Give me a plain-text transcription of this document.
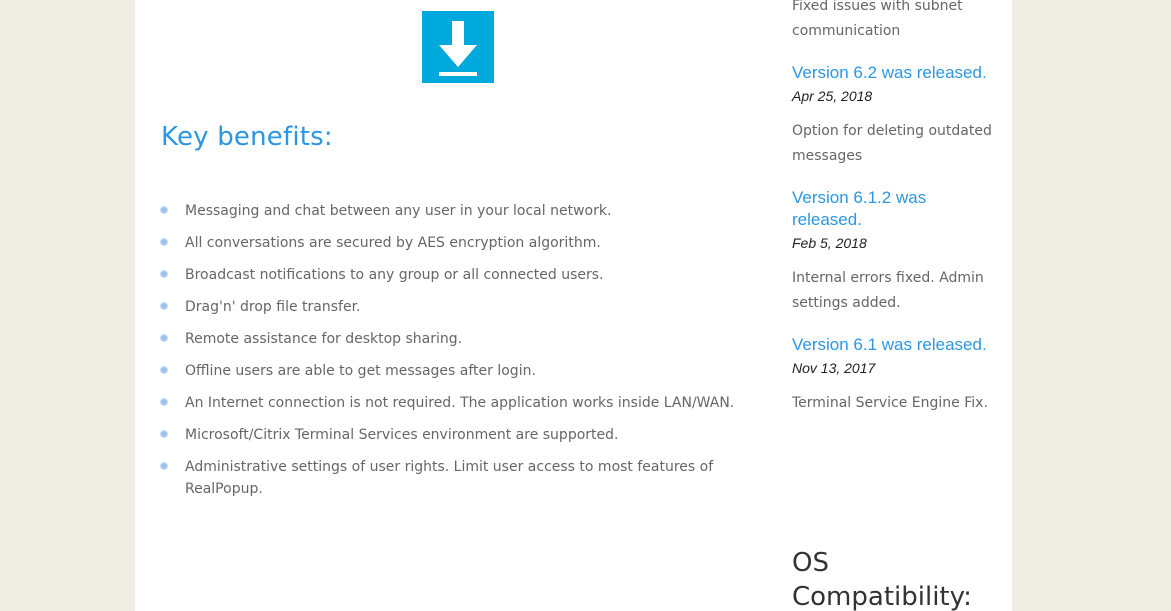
Key benefits:
Messaging and chat between any user in your local network.
All conversations are secured by AES encryption algorithm.
Broadcast notifications to any group or all connected users.
Drag'n' drop file transfer.
Remote assistance for desktop sharing.
Offline users are able to get messages after login.
An Internet connection is not required. The application works inside LAN/WAN.
Microsoft/Citrix Terminal Services environment are supported.
Administrative settings of user rights. Limit user access to most features of RealPopup.

Fixed issues with subnet communication

Version 6.2 was released.
Apr 25, 2018

Option for deleting outdated messages

Version 6.1.2 was released.
Feb 5, 2018

Internal errors fixed. Admin settings added.

Version 6.1 was released.
Nov 13, 2017

Terminal Service Engine Fix.

OS Compatibility:
